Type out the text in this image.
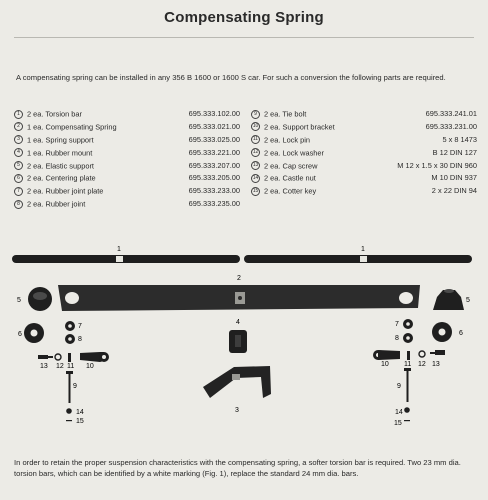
Compensating Spring
A compensating spring can be installed in any 356 B 1600 or 1600 S car. For such a conversion the following parts are required.
1 2 ea. Torsion bar	695.333.102.00
2 1 ea. Compensating Spring	695.333.021.00
3 1 ea. Spring support	695.333.025.00
4 1 ea. Rubber mount	695.333.221.00
5 2 ea. Elastic support	695.333.207.00
6 2 ea. Centering plate	695.333.205.00
7 2 ea. Rubber joint plate	695.333.233.00
8 2 ea. Rubber joint	695.333.235.00
9 2 ea. Tie bolt	695.333.241.01
10 2 ea. Support bracket	695.333.231.00
11 2 ea. Lock pin	5 x 8 1473
12 2 ea. Lock washer	B 12 DIN 127
13 2 ea. Cap screw	M 12 x 1.5 x 30 DIN 960
14 2 ea. Castle nut	M 10 DIN 937
15 2 ea. Cotter key	2 x 22 DIN 94
1	1
2
5	5
4
3
6
7
8
13 12 11 10
9
14
15
6
7
8
10 11 12 13
9
14
15
In order to retain the proper suspension characteristics with the compensating spring, a softer torsion bar is required. Two 23 mm dia. torsion bars, which can be identified by a white marking (Fig. 1), replace the standard 24 mm dia. bars.
